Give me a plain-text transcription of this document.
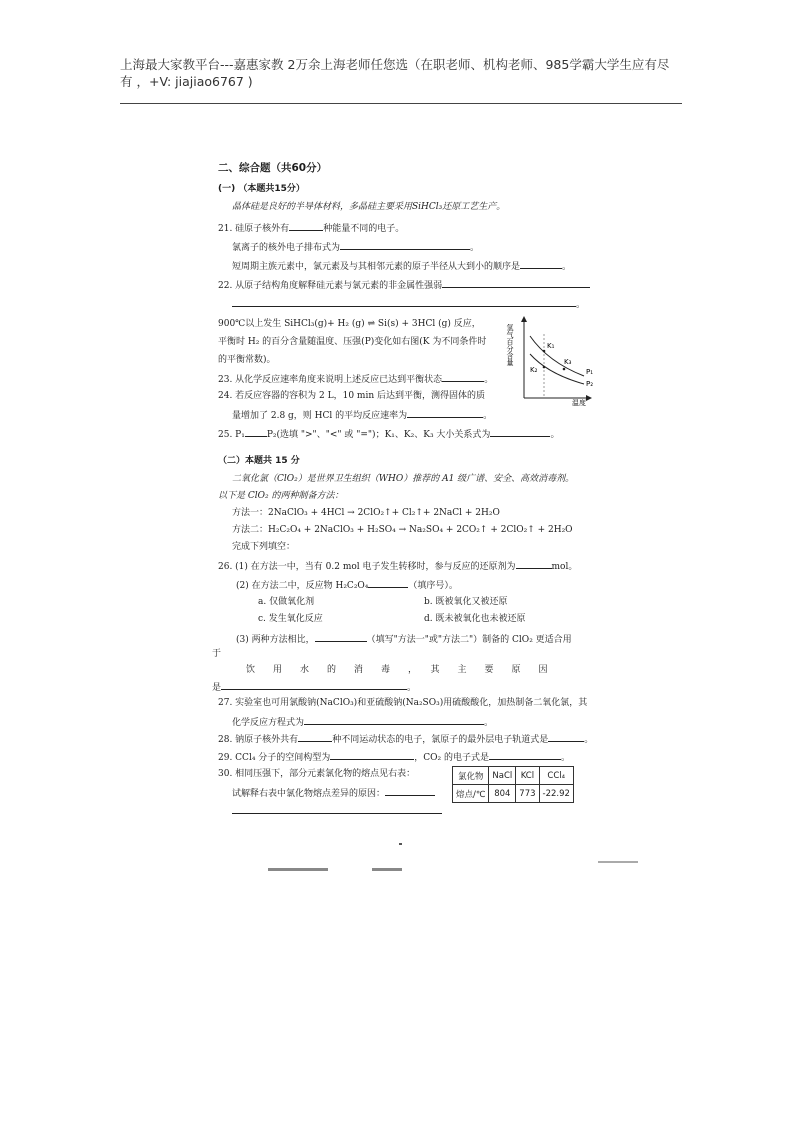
上海最大家教平台---嘉惠家教 2万余上海老师任您选（在职老师、机构老师、985学霸大学生应有尽
有 ，+V: jiajiao6767 )
二、综合题（共60分）
(一) （本题共15分）
晶体硅是良好的半导体材料，多晶硅主要采用SiHCl₃还原工艺生产。
21. 硅原子核外有	种能量不同的电子。
氯离子的核外电子排布式为	。
短周期主族元素中，氯元素及与其相邻元素的原子半径从大到小的顺序是	。
22. 从原子结构角度解释硅元素与氯元素的非金属性强弱
。
900℃以上发生 SiHCl₃(g)+ H₂ (g) ⇌ Si(s) + 3HCl (g) 反应，
平衡时 H₂ 的百分含量随温度、压强(P)变化如右图(K 为不同条件时
的平衡常数)。
23. 从化学反应速率角度来说明上述反应已达到平衡状态	。
24. 若反应容器的容积为 2 L，10 min 后达到平衡，测得固体的质
量增加了 2.8 g，则 HCl 的平均反应速率为	。
25. P₁ P₂(选填 ">"、"<" 或 "=")；K₁、K₂、K₃ 大小关系式为	。
氢气百分含量
温度
K₁
K₂
K₃
P₁
P₂
（二）本题共 15 分
二氧化氯（ClO₂）是世界卫生组织（WHO）推荐的 A1 级广谱、安全、高效消毒剂。
以下是 ClO₂ 的两种制备方法：
方法一：2NaClO₃ + 4HCl → 2ClO₂↑+ Cl₂↑+ 2NaCl + 2H₂O
方法二：H₂C₂O₄ + 2NaClO₃ + H₂SO₄ → Na₂SO₄ + 2CO₂↑ + 2ClO₂↑ + 2H₂O
完成下列填空：
26. (1) 在方法一中，当有 0.2 mol 电子发生转移时，参与反应的还原剂为	mol。
(2) 在方法二中，反应物 H₂C₂O₄	（填序号）。
a. 仅做氧化剂	b. 既被氧化又被还原
c. 发生氧化反应	d. 既未被氧化也未被还原
(3) 两种方法相比，	（填写"方法一"或"方法二"）制备的 ClO₂ 更适合用
于
饮　　用　　水　　的　　消　　毒　　，　　其　　主　　要　　原　　因
是	。
27. 实验室也可用氯酸钠(NaClO₃)和亚硫酸钠(Na₂SO₃)用硫酸酸化，加热制备二氧化氯，其
化学反应方程式为	。
28. 钠原子核外共有	种不同运动状态的电子，氯原子的最外层电子轨道式是	。
29. CCl₄ 分子的空间构型为	，CO₂ 的电子式是	。
30. 相同压强下，部分元素氯化物的熔点见右表：
试解释右表中氯化物熔点差异的原因：
氯化物	NaCl	KCl	CCl₄
熔点/℃	804	773	-22.92
